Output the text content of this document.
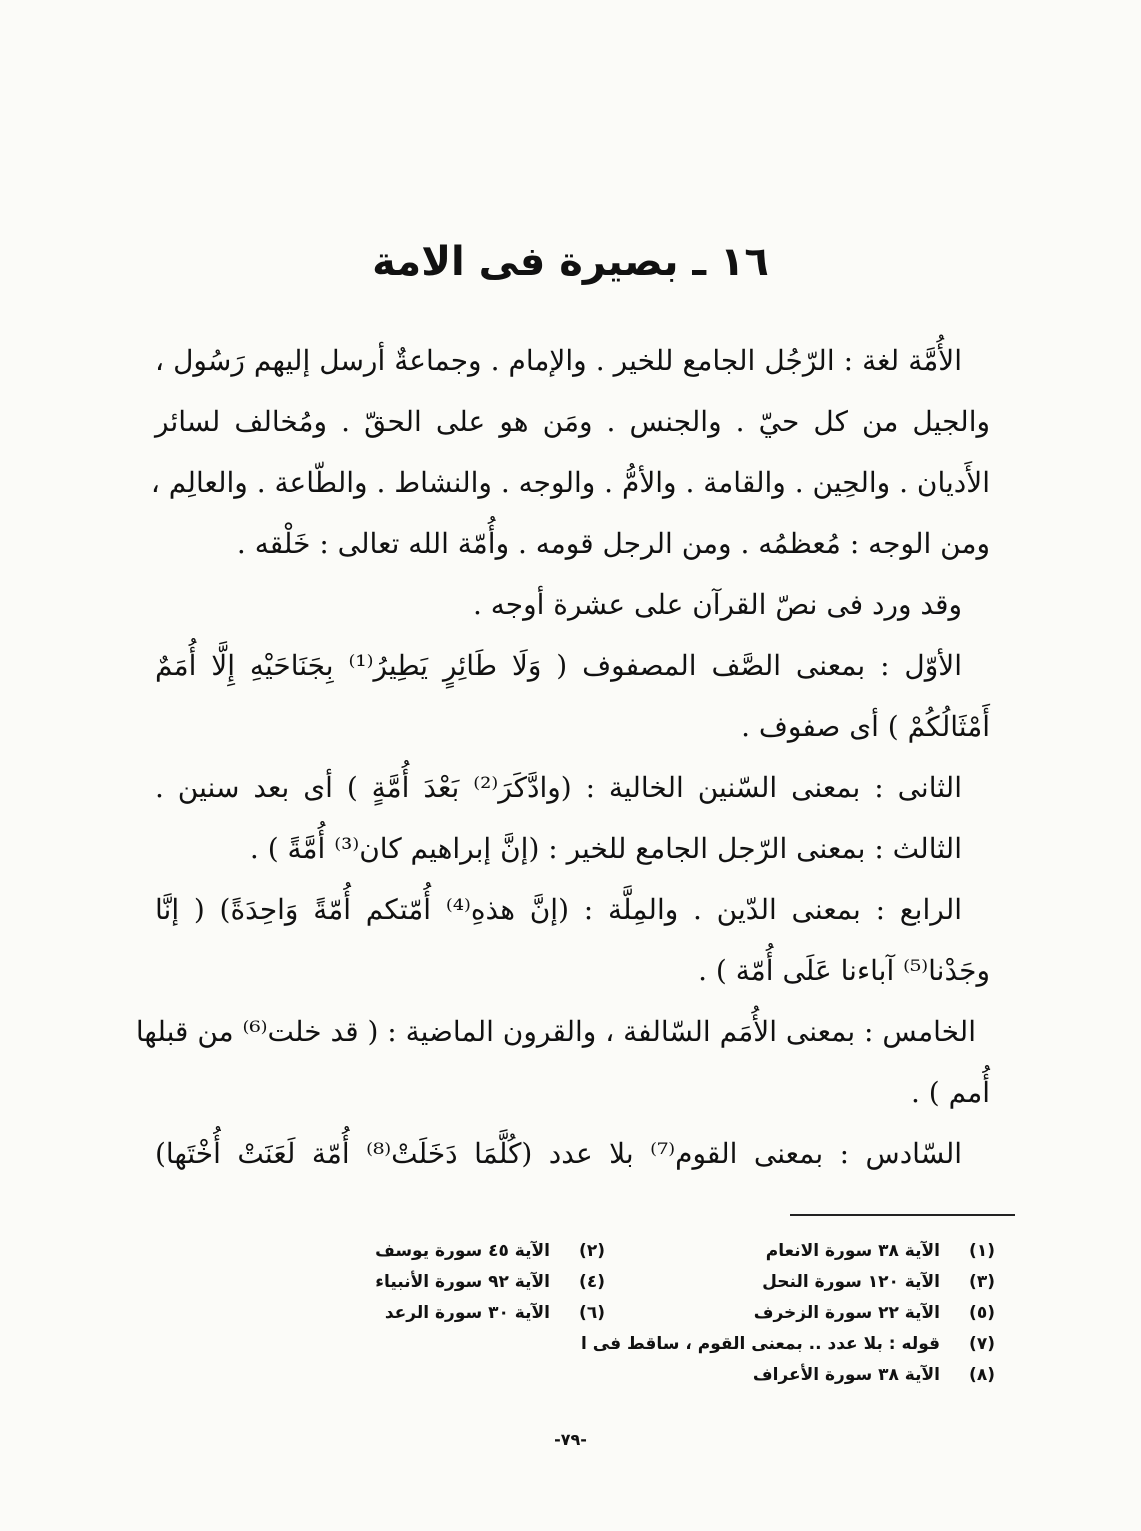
١٦ ـ بصيرة فى الامة
الأُمَّة لغة : الرّجُل الجامع للخير . والإمام . وجماعةٌ أرسل إليهم رَسُول ،
والجيل من كل حيّ . والجنس . ومَن هو على الحقّ . ومُخالف لسائر
الأَديان . والحِين . والقامة . والأمُّ . والوجه . والنشاط . والطّاعة . والعالِم ،
ومن الوجه : مُعظمُه . ومن الرجل قومه . وأُمّة الله تعالى : خَلْقه .
وقد ورد فى نصّ القرآن على عشرة أوجه .
الأوّل : بمعنى الصَّف المصفوف ( وَلَا طَائِرٍ يَطِيرُ⁽¹⁾ بِجَنَاحَيْهِ إِلَّا أُمَمٌ
أَمْثَالُكُمْ ) أى صفوف .
الثانى : بمعنى السّنين الخالية : (وادَّكَرَ⁽²⁾ بَعْدَ أُمَّةٍ ) أى بعد سنين .
الثالث : بمعنى الرّجل الجامع للخير : (إنَّ إبراهيم كان⁽³⁾ أُمَّةً ) .
الرابع : بمعنى الدّين . والمِلَّة : (إنَّ هذهِ⁽⁴⁾ أُمّتكم أُمّةً وَاحِدَةً) ( إنَّا
وجَدْنا⁽⁵⁾ آباءنا عَلَى أُمّة ) .
الخامس : بمعنى الأُمَم السّالفة ، والقرون الماضية : ( قد خلت⁽⁶⁾ من قبلها
أُمم ) .
السّادس : بمعنى القوم⁽⁷⁾ بلا عدد (كُلَّمَا دَخَلَتْ⁽⁸⁾ أُمّة لَعَنَتْ أُخْتَها)
(١)
الآية ٣٨ سورة الانعام
(٢)
الآية ٤٥ سورة يوسف
(٣)
الآية ١٢٠ سورة النحل
(٤)
الآية ٩٢ سورة الأنبياء
(٥)
الآية ٢٢ سورة الزخرف
(٦)
الآية ٣٠ سورة الرعد
(٧)
قوله : بلا عدد .. بمعنى القوم ، ساقط فى ا
(٨)
الآية ٣٨ سورة الأعراف
-٧٩-
